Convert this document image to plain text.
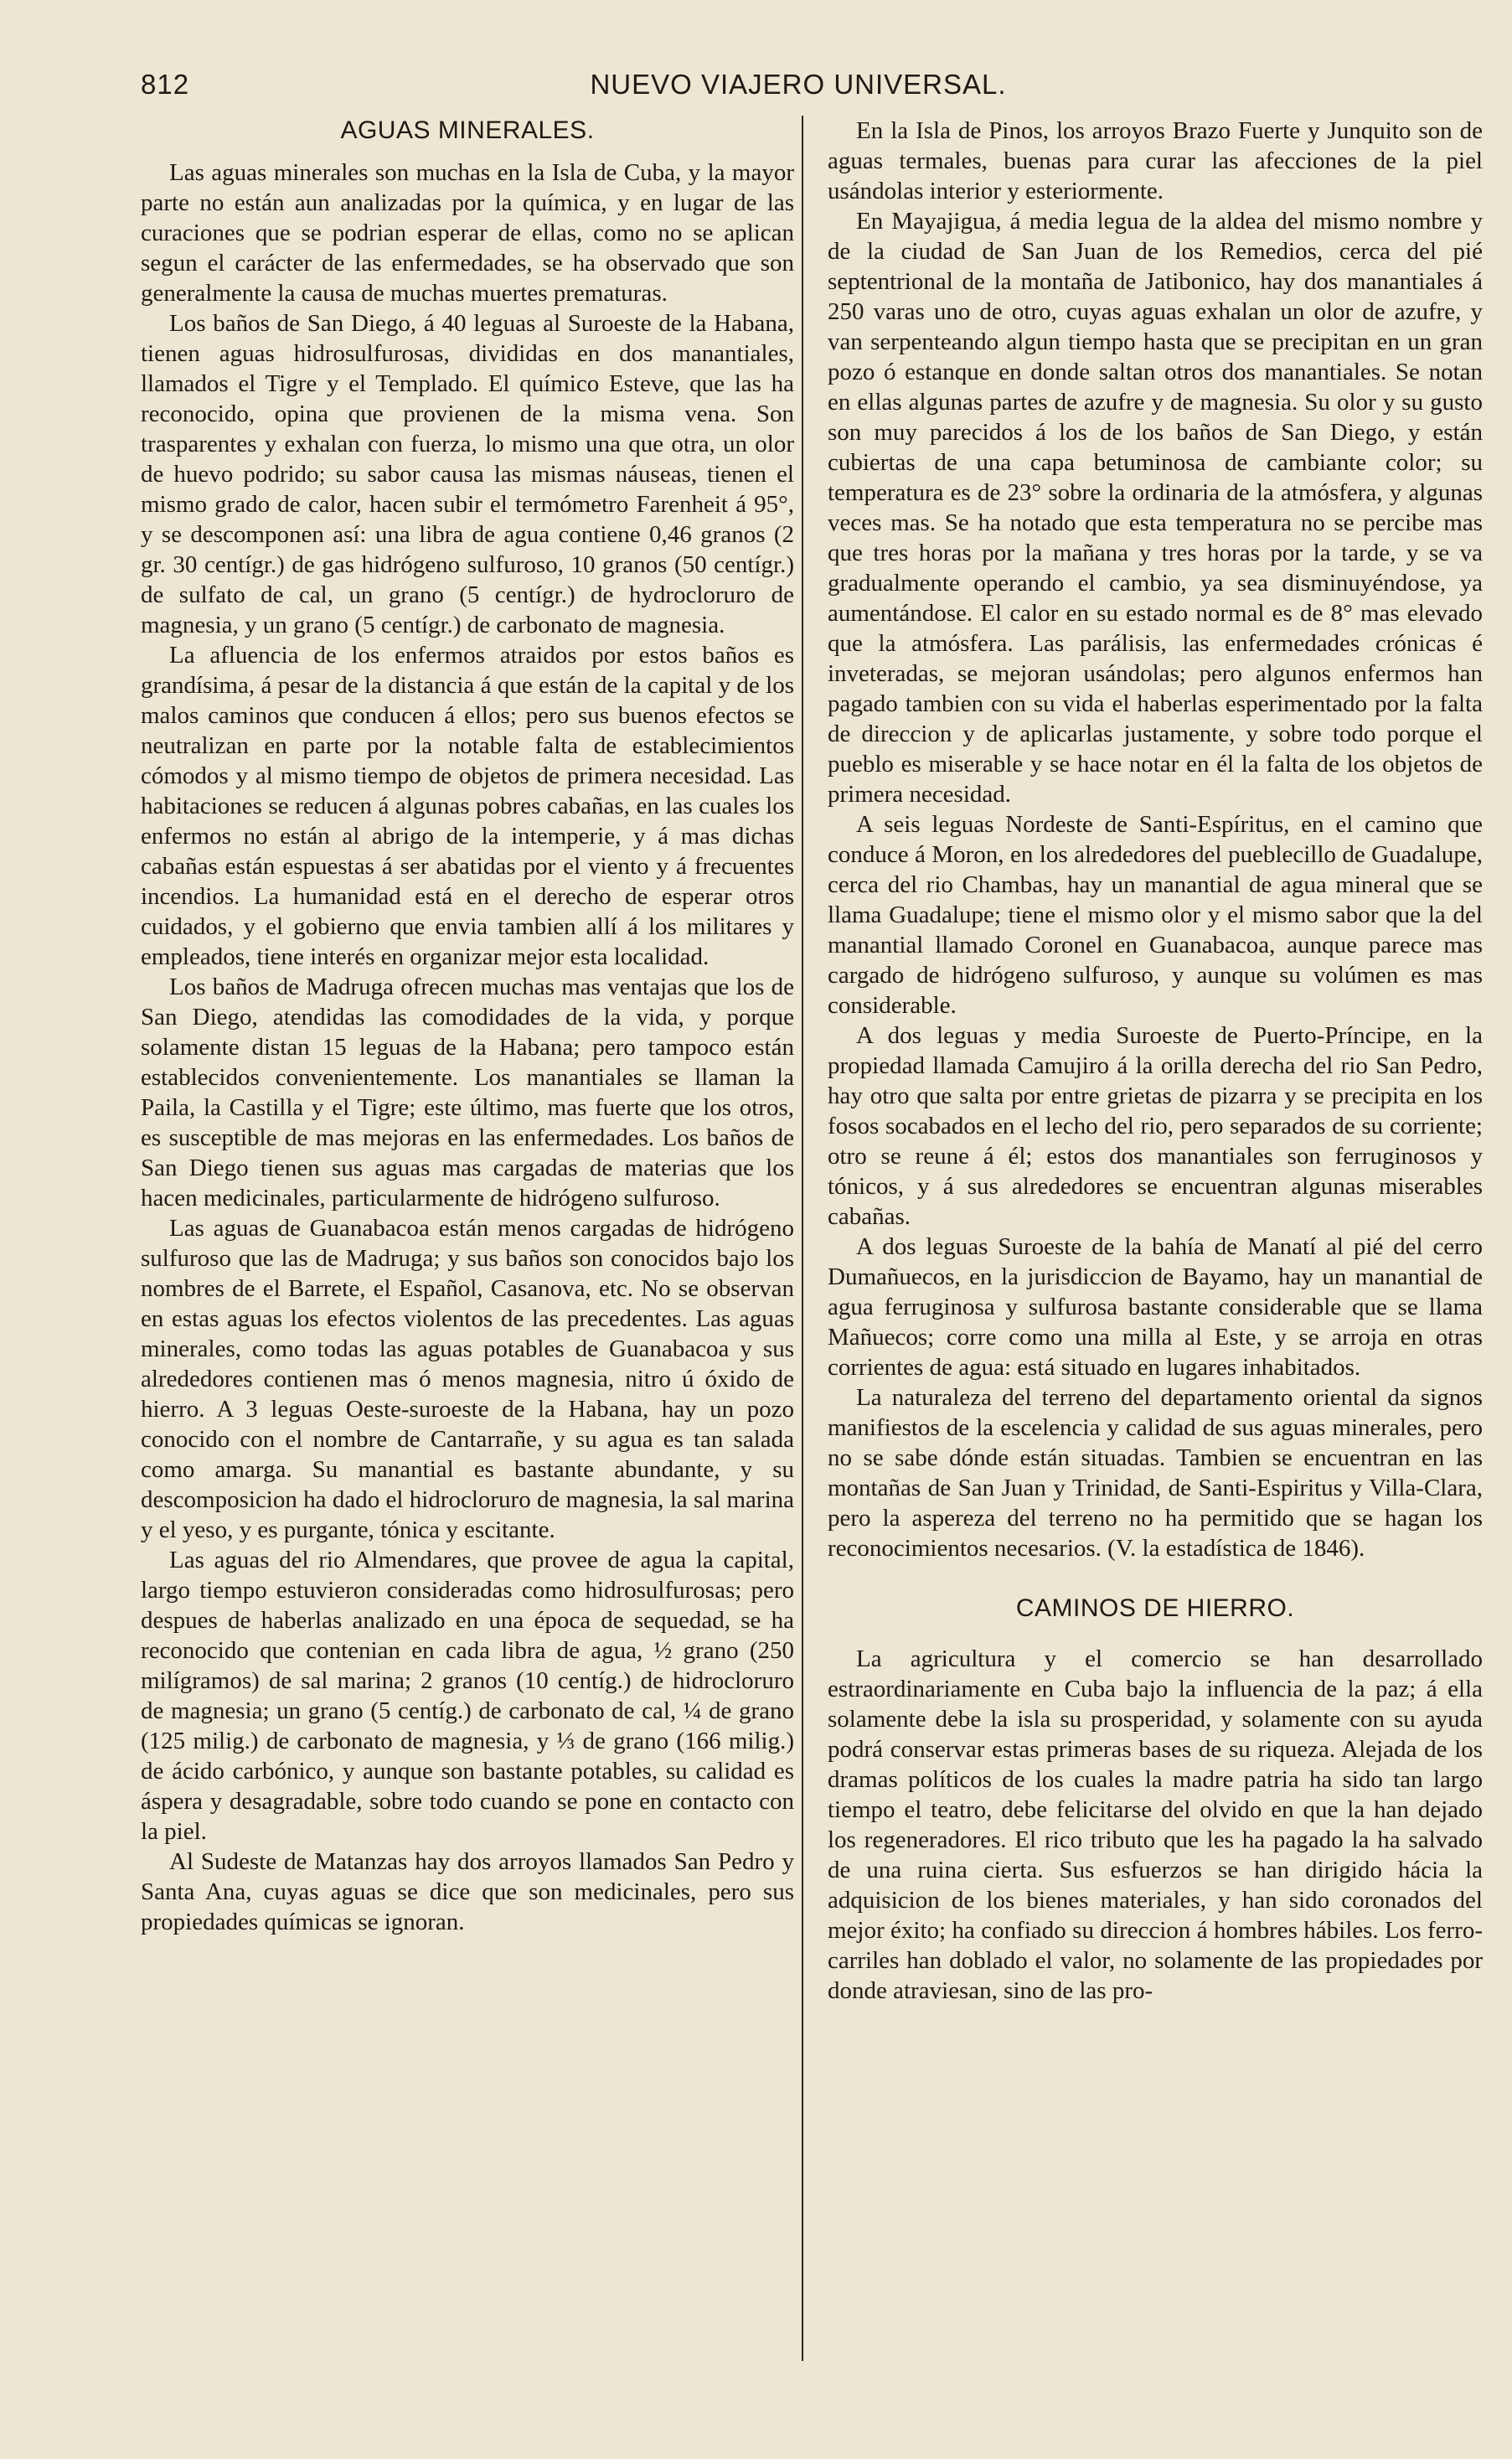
812	NUEVO VIAJERO UNIVERSAL.
AGUAS MINERALES.

Las aguas minerales son muchas en la Isla de Cuba, y la mayor parte no están aun analizadas por la química, y en lugar de las curaciones que se podrian esperar de ellas, como no se aplican segun el carácter de las enfermedades, se ha observado que son generalmente la causa de muchas muertes prematuras.

Los baños de San Diego, á 40 leguas al Suroeste de la Habana, tienen aguas hidrosulfurosas, divididas en dos manantiales, llamados el Tigre y el Templado. El químico Esteve, que las ha reconocido, opina que provienen de la misma vena. Son trasparentes y exhalan con fuerza, lo mismo una que otra, un olor de huevo podrido; su sabor causa las mismas náuseas, tienen el mismo grado de calor, hacen subir el termómetro Farenheit á 95°, y se descomponen así: una libra de agua contiene 0,46 granos (2 gr. 30 centígr.) de gas hidrógeno sulfuroso, 10 granos (50 centígr.) de sulfato de cal, un grano (5 centígr.) de hydrocloruro de magnesia, y un grano (5 centígr.) de carbonato de magnesia.

La afluencia de los enfermos atraidos por estos baños es grandísima, á pesar de la distancia á que están de la capital y de los malos caminos que conducen á ellos; pero sus buenos efectos se neutralizan en parte por la notable falta de establecimientos cómodos y al mismo tiempo de objetos de primera necesidad. Las habitaciones se reducen á algunas pobres cabañas, en las cuales los enfermos no están al abrigo de la intemperie, y á mas dichas cabañas están espuestas á ser abatidas por el viento y á frecuentes incendios. La humanidad está en el derecho de esperar otros cuidados, y el gobierno que envia tambien allí á los militares y empleados, tiene interés en organizar mejor esta localidad.

Los baños de Madruga ofrecen muchas mas ventajas que los de San Diego, atendidas las comodidades de la vida, y porque solamente distan 15 leguas de la Habana; pero tampoco están establecidos convenientemente. Los manantiales se llaman la Paila, la Castilla y el Tigre; este último, mas fuerte que los otros, es susceptible de mas mejoras en las enfermedades. Los baños de San Diego tienen sus aguas mas cargadas de materias que los hacen medicinales, particularmente de hidrógeno sulfuroso.

Las aguas de Guanabacoa están menos cargadas de hidrógeno sulfuroso que las de Madruga; y sus baños son conocidos bajo los nombres de el Barrete, el Español, Casanova, etc. No se observan en estas aguas los efectos violentos de las precedentes. Las aguas minerales, como todas las aguas potables de Guanabacoa y sus alrededores contienen mas ó menos magnesia, nitro ú óxido de hierro. A 3 leguas Oeste-suroeste de la Habana, hay un pozo conocido con el nombre de Cantarrañe, y su agua es tan salada como amarga. Su manantial es bastante abundante, y su descomposicion ha dado el hidrocloruro de magnesia, la sal marina y el yeso, y es purgante, tónica y escitante.

Las aguas del rio Almendares, que provee de agua la capital, largo tiempo estuvieron consideradas como hidrosulfurosas; pero despues de haberlas analizado en una época de sequedad, se ha reconocido que contenian en cada libra de agua, ½ grano (250 milígramos) de sal marina; 2 granos (10 centíg.) de hidrocloruro de magnesia; un grano (5 centíg.) de carbonato de cal, ¼ de grano (125 milig.) de carbonato de magnesia, y ⅓ de grano (166 milig.) de ácido carbónico, y aunque son bastante potables, su calidad es áspera y desagradable, sobre todo cuando se pone en contacto con la piel.

Al Sudeste de Matanzas hay dos arroyos llamados San Pedro y Santa Ana, cuyas aguas se dice que son medicinales, pero sus propiedades químicas se ignoran.

En la Isla de Pinos, los arroyos Brazo Fuerte y Junquito son de aguas termales, buenas para curar las afecciones de la piel usándolas interior y esteriormente.

En Mayajigua, á media legua de la aldea del mismo nombre y de la ciudad de San Juan de los Remedios, cerca del pié septentrional de la montaña de Jatibonico, hay dos manantiales á 250 varas uno de otro, cuyas aguas exhalan un olor de azufre, y van serpenteando algun tiempo hasta que se precipitan en un gran pozo ó estanque en donde saltan otros dos manantiales. Se notan en ellas algunas partes de azufre y de magnesia. Su olor y su gusto son muy parecidos á los de los baños de San Diego, y están cubiertas de una capa betuminosa de cambiante color; su temperatura es de 23° sobre la ordinaria de la atmósfera, y algunas veces mas. Se ha notado que esta temperatura no se percibe mas que tres horas por la mañana y tres horas por la tarde, y se va gradualmente operando el cambio, ya sea disminuyéndose, ya aumentándose. El calor en su estado normal es de 8° mas elevado que la atmósfera. Las parálisis, las enfermedades crónicas é inveteradas, se mejoran usándolas; pero algunos enfermos han pagado tambien con su vida el haberlas esperimentado por la falta de direccion y de aplicarlas justamente, y sobre todo porque el pueblo es miserable y se hace notar en él la falta de los objetos de primera necesidad.

A seis leguas Nordeste de Santi-Espíritus, en el camino que conduce á Moron, en los alrededores del pueblecillo de Guadalupe, cerca del rio Chambas, hay un manantial de agua mineral que se llama Guadalupe; tiene el mismo olor y el mismo sabor que la del manantial llamado Coronel en Guanabacoa, aunque parece mas cargado de hidrógeno sulfuroso, y aunque su volúmen es mas considerable.

A dos leguas y media Suroeste de Puerto-Príncipe, en la propiedad llamada Camujiro á la orilla derecha del rio San Pedro, hay otro que salta por entre grietas de pizarra y se precipita en los fosos socabados en el lecho del rio, pero separados de su corriente; otro se reune á él; estos dos manantiales son ferruginosos y tónicos, y á sus alrededores se encuentran algunas miserables cabañas.

A dos leguas Suroeste de la bahía de Manatí al pié del cerro Dumañuecos, en la jurisdiccion de Bayamo, hay un manantial de agua ferruginosa y sulfurosa bastante considerable que se llama Mañuecos; corre como una milla al Este, y se arroja en otras corrientes de agua: está situado en lugares inhabitados.

La naturaleza del terreno del departamento oriental da signos manifiestos de la escelencia y calidad de sus aguas minerales, pero no se sabe dónde están situadas. Tambien se encuentran en las montañas de San Juan y Trinidad, de Santi-Espiritus y Villa-Clara, pero la aspereza del terreno no ha permitido que se hagan los reconocimientos necesarios. (V. la estadística de 1846).

CAMINOS DE HIERRO.

La agricultura y el comercio se han desarrollado estraordinariamente en Cuba bajo la influencia de la paz; á ella solamente debe la isla su prosperidad, y solamente con su ayuda podrá conservar estas primeras bases de su riqueza. Alejada de los dramas políticos de los cuales la madre patria ha sido tan largo tiempo el teatro, debe felicitarse del olvido en que la han dejado los regeneradores. El rico tributo que les ha pagado la ha salvado de una ruina cierta. Sus esfuerzos se han dirigido hácia la adquisicion de los bienes materiales, y han sido coronados del mejor éxito; ha confiado su direccion á hombres hábiles. Los ferro-carriles han doblado el valor, no solamente de las propiedades por donde atraviesan, sino de las pro-
